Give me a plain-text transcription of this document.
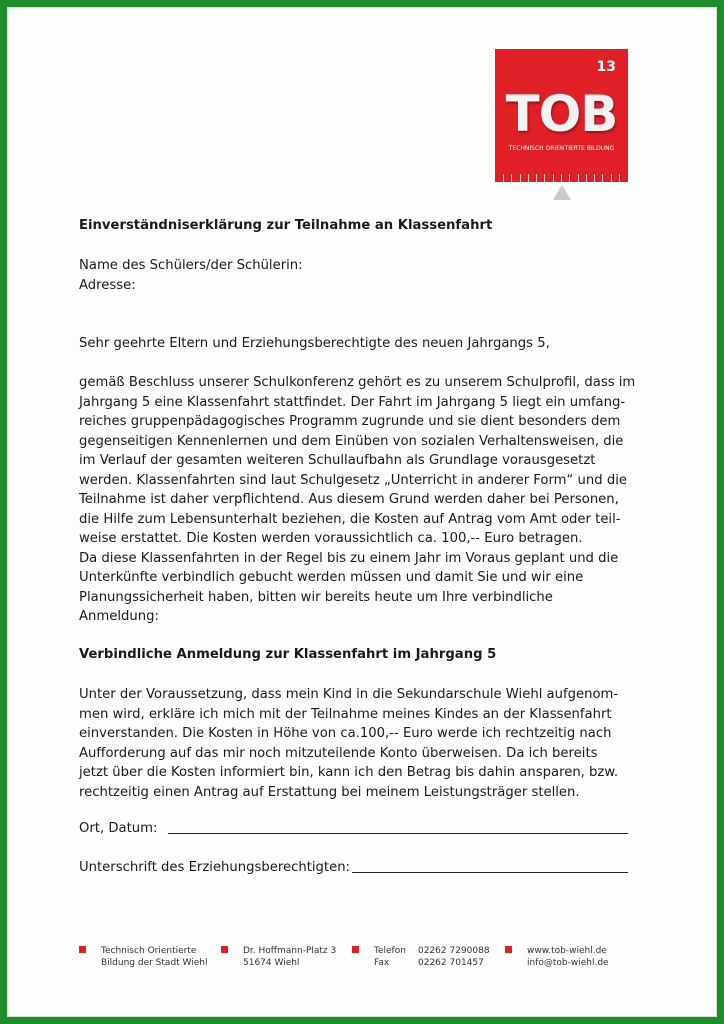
13
TOB
TECHNISCH ORIENTIERTE BILDUNG
Einverständniserklärung zur Teilnahme an Klassenfahrt
Name des Schülers/der Schülerin:
Adresse:
Sehr geehrte Eltern und Erziehungsberechtigte des neuen Jahrgangs 5,
gemäß Beschluss unserer Schulkonferenz gehört es zu unserem Schulprofil, dass im
Jahrgang 5 eine Klassenfahrt stattfindet. Der Fahrt im Jahrgang 5 liegt ein umfang-
reiches gruppenpädagogisches Programm zugrunde und sie dient besonders dem
gegenseitigen Kennenlernen und dem Einüben von sozialen Verhaltensweisen, die
im Verlauf der gesamten weiteren Schullaufbahn als Grundlage vorausgesetzt
werden. Klassenfahrten sind laut Schulgesetz „Unterricht in anderer Form“ und die
Teilnahme ist daher verpflichtend. Aus diesem Grund werden daher bei Personen,
die Hilfe zum Lebensunterhalt beziehen, die Kosten auf Antrag vom Amt oder teil-
weise erstattet. Die Kosten werden voraussichtlich ca. 100,-- Euro betragen.
Da diese Klassenfahrten in der Regel bis zu einem Jahr im Voraus geplant und die
Unterkünfte verbindlich gebucht werden müssen und damit Sie und wir eine
Planungssicherheit haben, bitten wir bereits heute um Ihre verbindliche
Anmeldung:
Verbindliche Anmeldung zur Klassenfahrt im Jahrgang 5
Unter der Voraussetzung, dass mein Kind in die Sekundarschule Wiehl aufgenom-
men wird, erkläre ich mich mit der Teilnahme meines Kindes an der Klassenfahrt
einverstanden. Die Kosten in Höhe von ca.100,-- Euro werde ich rechtzeitig nach
Aufforderung auf das mir noch mitzuteilende Konto überweisen. Da ich bereits
jetzt über die Kosten informiert bin, kann ich den Betrag bis dahin ansparen, bzw.
rechtzeitig einen Antrag auf Erstattung bei meinem Leistungsträger stellen.
Ort, Datum:
Unterschrift des Erziehungsberechtigten:
Technisch Orientierte
Bildung der Stadt Wiehl
Dr. Hoffmann-Platz 3
51674 Wiehl
Telefon
Fax
02262 7290088
02262 701457
www.tob-wiehl.de
info@tob-wiehl.de
